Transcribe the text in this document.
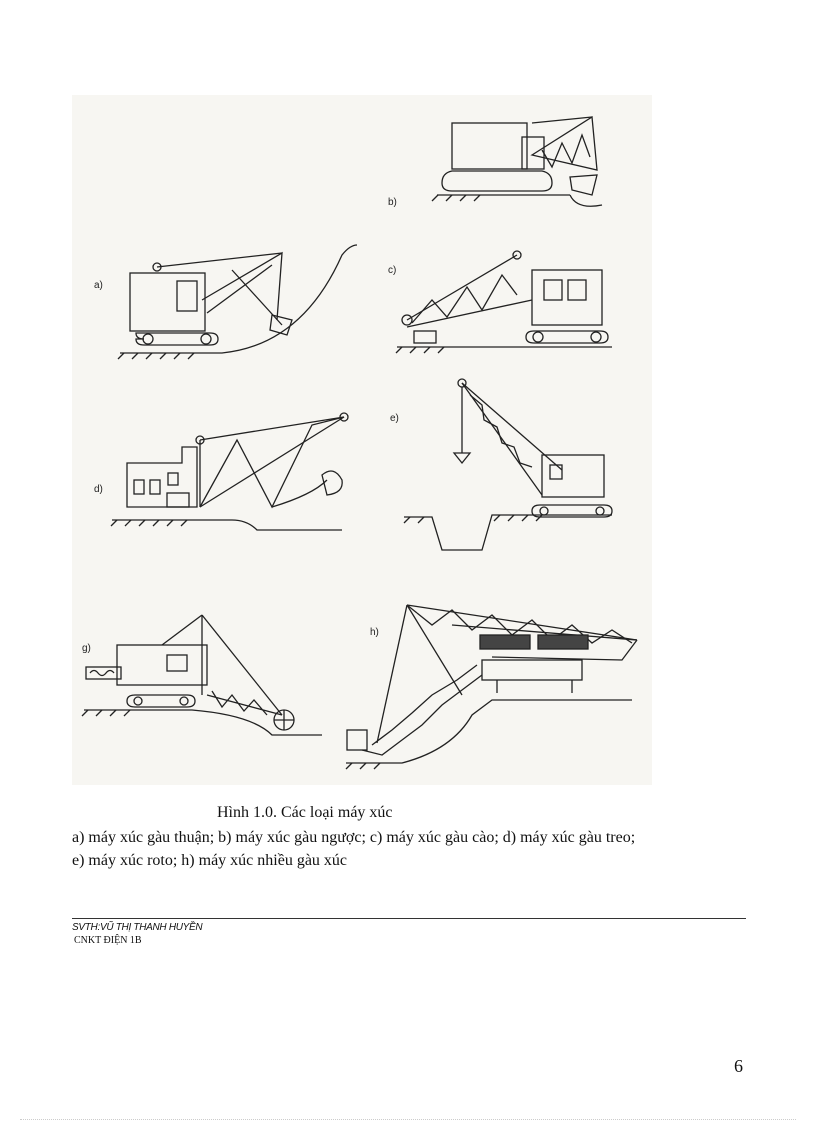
b)
a)
c)
d)
e)
g)
h)
Hình 1.0. Các loại máy xúc
a) máy xúc gàu thuận; b) máy xúc gàu ngược; c) máy xúc gàu cào; d) máy xúc gàu treo;
e) máy xúc roto; h) máy xúc nhiều gàu xúc
SVTH:VŨ THỊ THANH HUYỀN
CNKT ĐIỆN 1B
6
